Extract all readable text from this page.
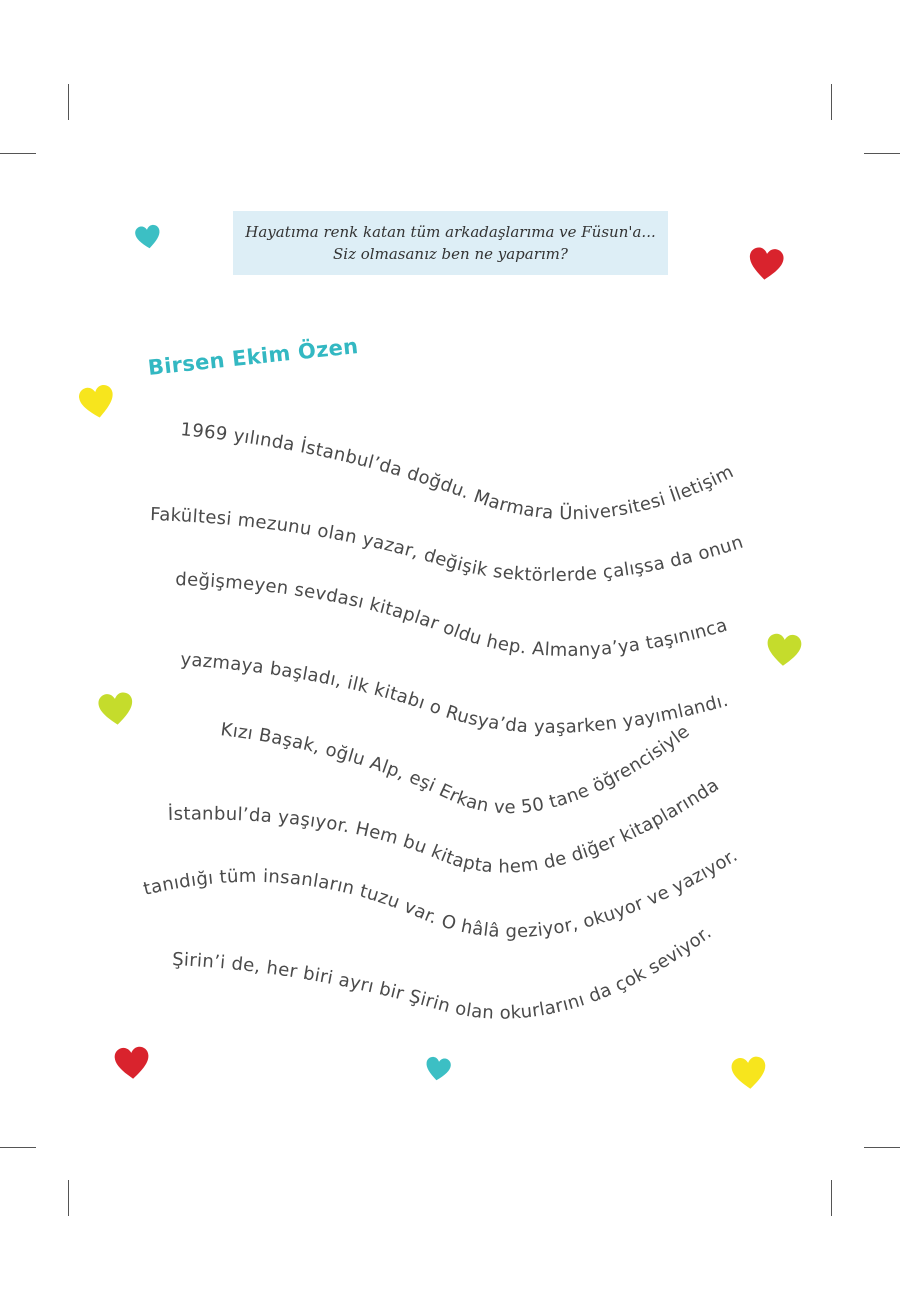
Hayatıma renk katan tüm arkadaşlarıma ve Füsun'a...
Siz olmasanız ben ne yaparım?
Birsen Ekim Özen
1969 yılında İstanbul’da doğdu. Marmara Üniversitesi İletişim
Fakültesi mezunu olan yazar, değişik sektörlerde çalışsa da onun
değişmeyen sevdası kitaplar oldu hep. Almanya’ya taşınınca
yazmaya başladı, ilk kitabı o Rusya’da yaşarken yayımlandı.
Kızı Başak, oğlu Alp, eşi Erkan ve 50 tane öğrencisiyle
İstanbul’da yaşıyor. Hem bu kitapta hem de diğer kitaplarında
tanıdığı tüm insanların tuzu var. O hâlâ geziyor, okuyor ve yazıyor.
Şirin’i de, her biri ayrı bir Şirin olan okurlarını da çok seviyor.
